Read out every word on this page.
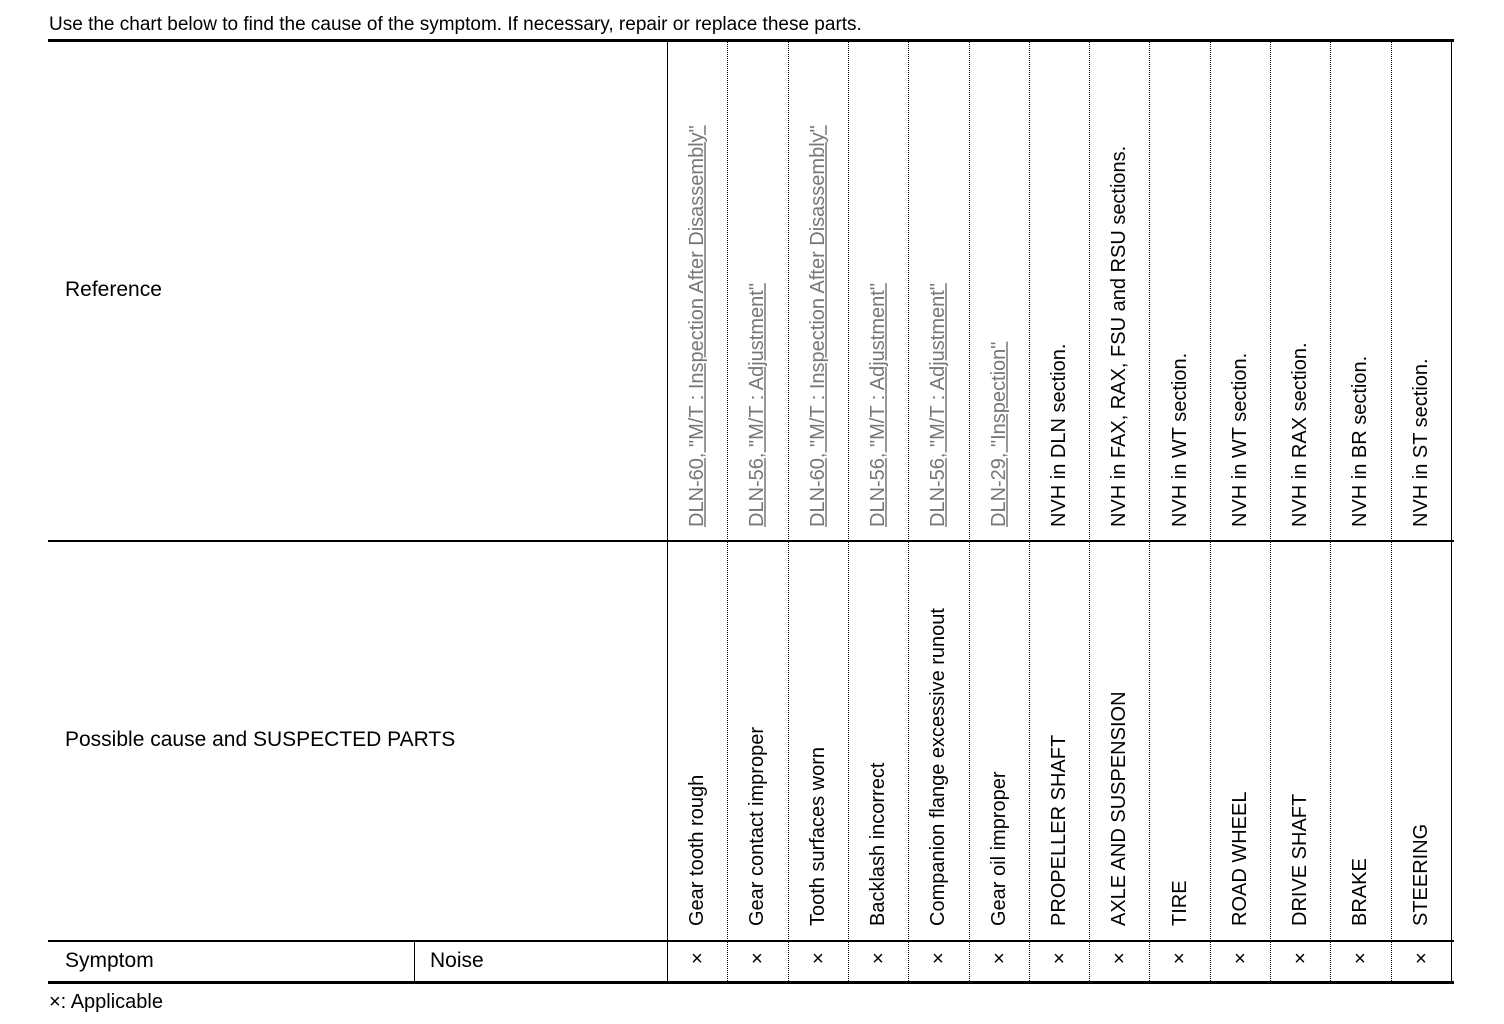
Use the chart below to find the cause of the symptom. If necessary, repair or replace these parts.
Reference
Possible cause and SUSPECTED PARTS
Symptom	Noise
DLN-60, "M/T : Inspection After Disassembly"
Gear tooth rough
×
DLN-56, "M/T : Adjustment"
Gear contact improper
×
DLN-60, "M/T : Inspection After Disassembly"
Tooth surfaces worn
×
DLN-56, "M/T : Adjustment"
Backlash incorrect
×
DLN-56, "M/T : Adjustment"
Companion flange excessive runout
×
DLN-29, "Inspection"
Gear oil improper
×
NVH in DLN section.
PROPELLER SHAFT
×
NVH in FAX, RAX, FSU and RSU sections.
AXLE AND SUSPENSION
×
NVH in WT section.
TIRE
×
NVH in WT section.
ROAD WHEEL
×
NVH in RAX section.
DRIVE SHAFT
×
NVH in BR section.
BRAKE
×
NVH in ST section.
STEERING
×
×: Applicable
